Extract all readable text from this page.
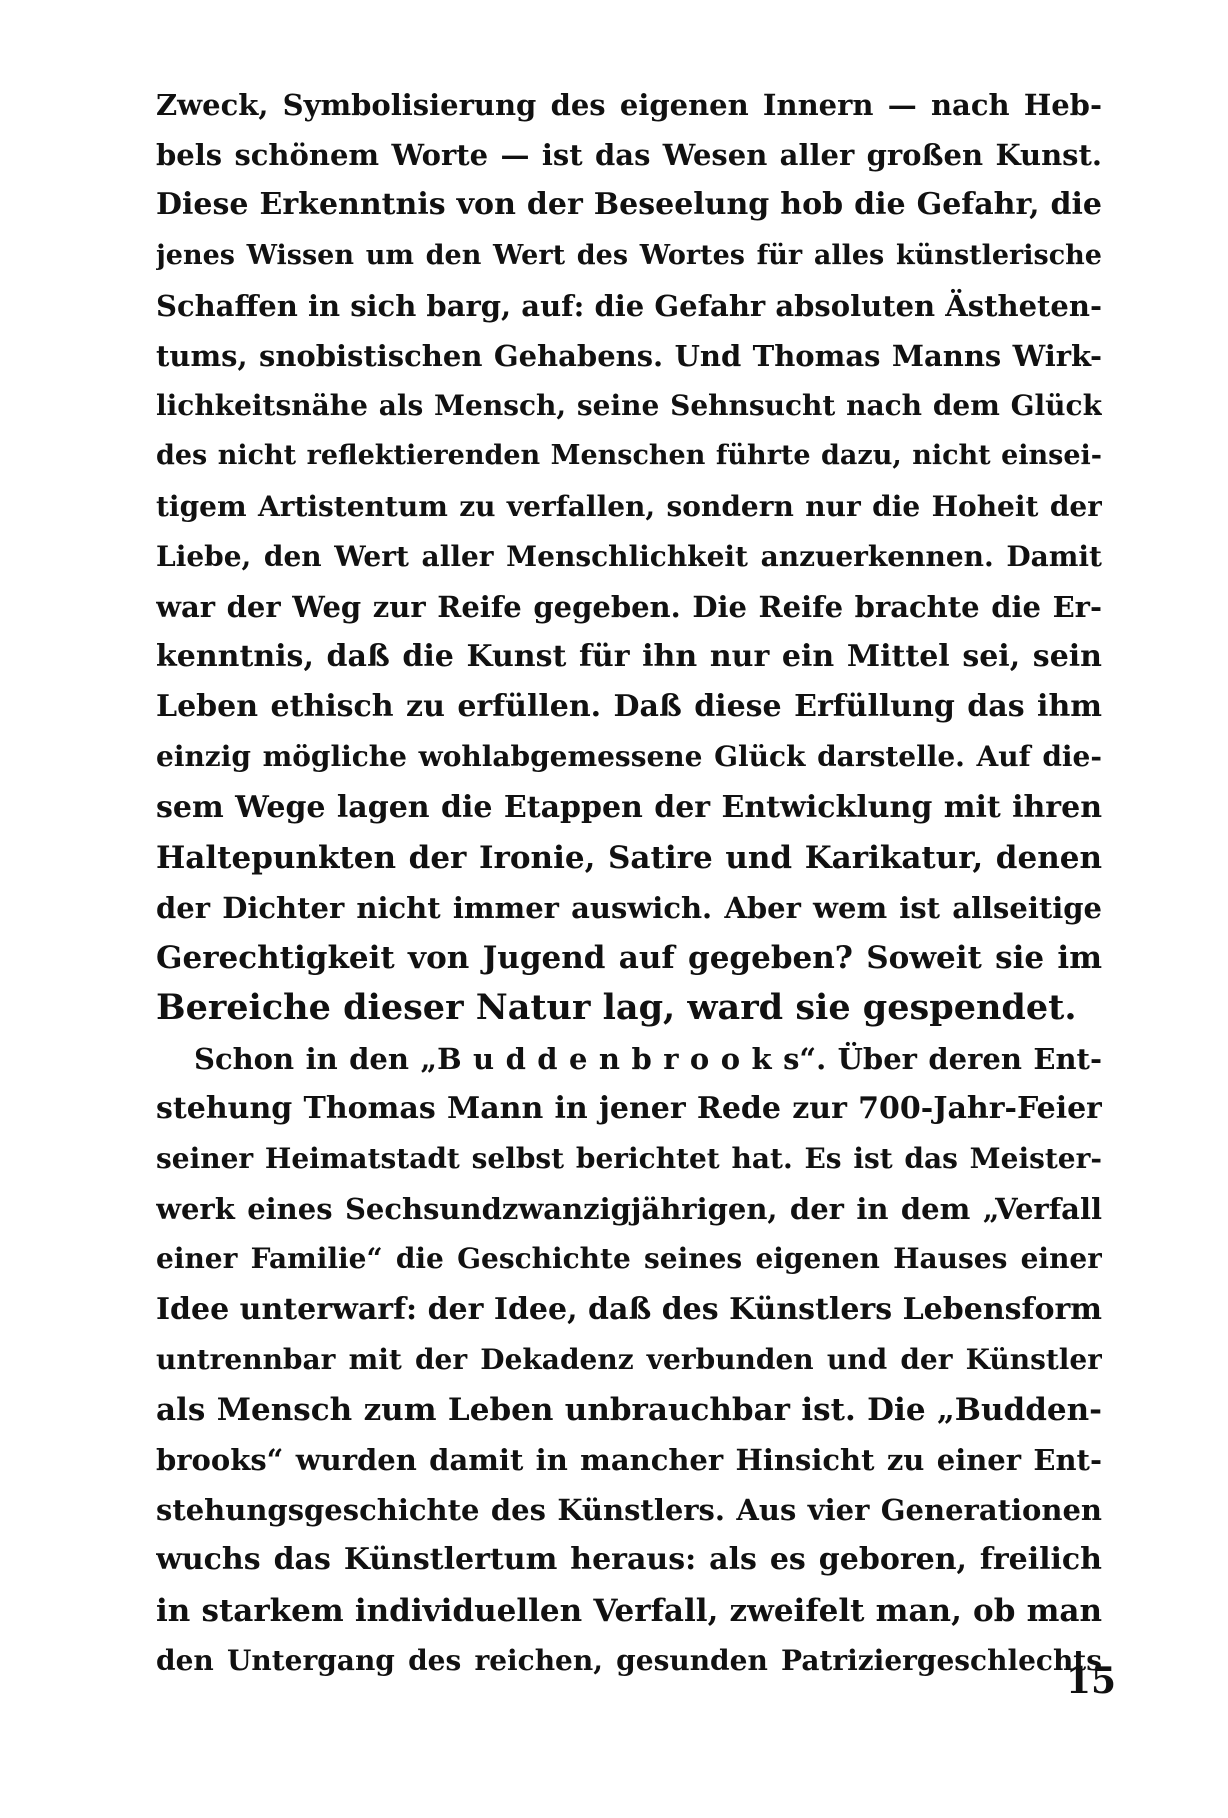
Zweck, Symbolisierung des eigenen Innern — nach Heb-
bels schönem Worte — ist das Wesen aller großen Kunst.
Diese Erkenntnis von der Beseelung hob die Gefahr, die
jenes Wissen um den Wert des Wortes für alles künstlerische
Schaffen in sich barg, auf: die Gefahr absoluten Ästheten-
tums, snobistischen Gehabens. Und Thomas Manns Wirk-
lichkeitsnähe als Mensch, seine Sehnsucht nach dem Glück
des nicht reflektierenden Menschen führte dazu, nicht einsei-
tigem Artistentum zu verfallen, sondern nur die Hoheit der
Liebe, den Wert aller Menschlichkeit anzuerkennen. Damit
war der Weg zur Reife gegeben. Die Reife brachte die Er-
kenntnis, daß die Kunst für ihn nur ein Mittel sei, sein
Leben ethisch zu erfüllen. Daß diese Erfüllung das ihm
einzig mögliche wohlabgemessene Glück darstelle. Auf die-
sem Wege lagen die Etappen der Entwicklung mit ihren
Haltepunkten der Ironie, Satire und Karikatur, denen
der Dichter nicht immer auswich. Aber wem ist allseitige
Gerechtigkeit von Jugend auf gegeben? Soweit sie im
Bereiche dieser Natur lag, ward sie gespendet.
Schon in den „B u d d e n b r o o k s“. Über deren Ent-
stehung Thomas Mann in jener Rede zur 700-Jahr-Feier
seiner Heimatstadt selbst berichtet hat. Es ist das Meister-
werk eines Sechsundzwanzigjährigen, der in dem „Verfall
einer Familie“ die Geschichte seines eigenen Hauses einer
Idee unterwarf: der Idee, daß des Künstlers Lebensform
untrennbar mit der Dekadenz verbunden und der Künstler
als Mensch zum Leben unbrauchbar ist. Die „Budden-
brooks“ wurden damit in mancher Hinsicht zu einer Ent-
stehungsgeschichte des Künstlers. Aus vier Generationen
wuchs das Künstlertum heraus: als es geboren, freilich
in starkem individuellen Verfall, zweifelt man, ob man
den Untergang des reichen, gesunden Patriziergeschlechts
15
